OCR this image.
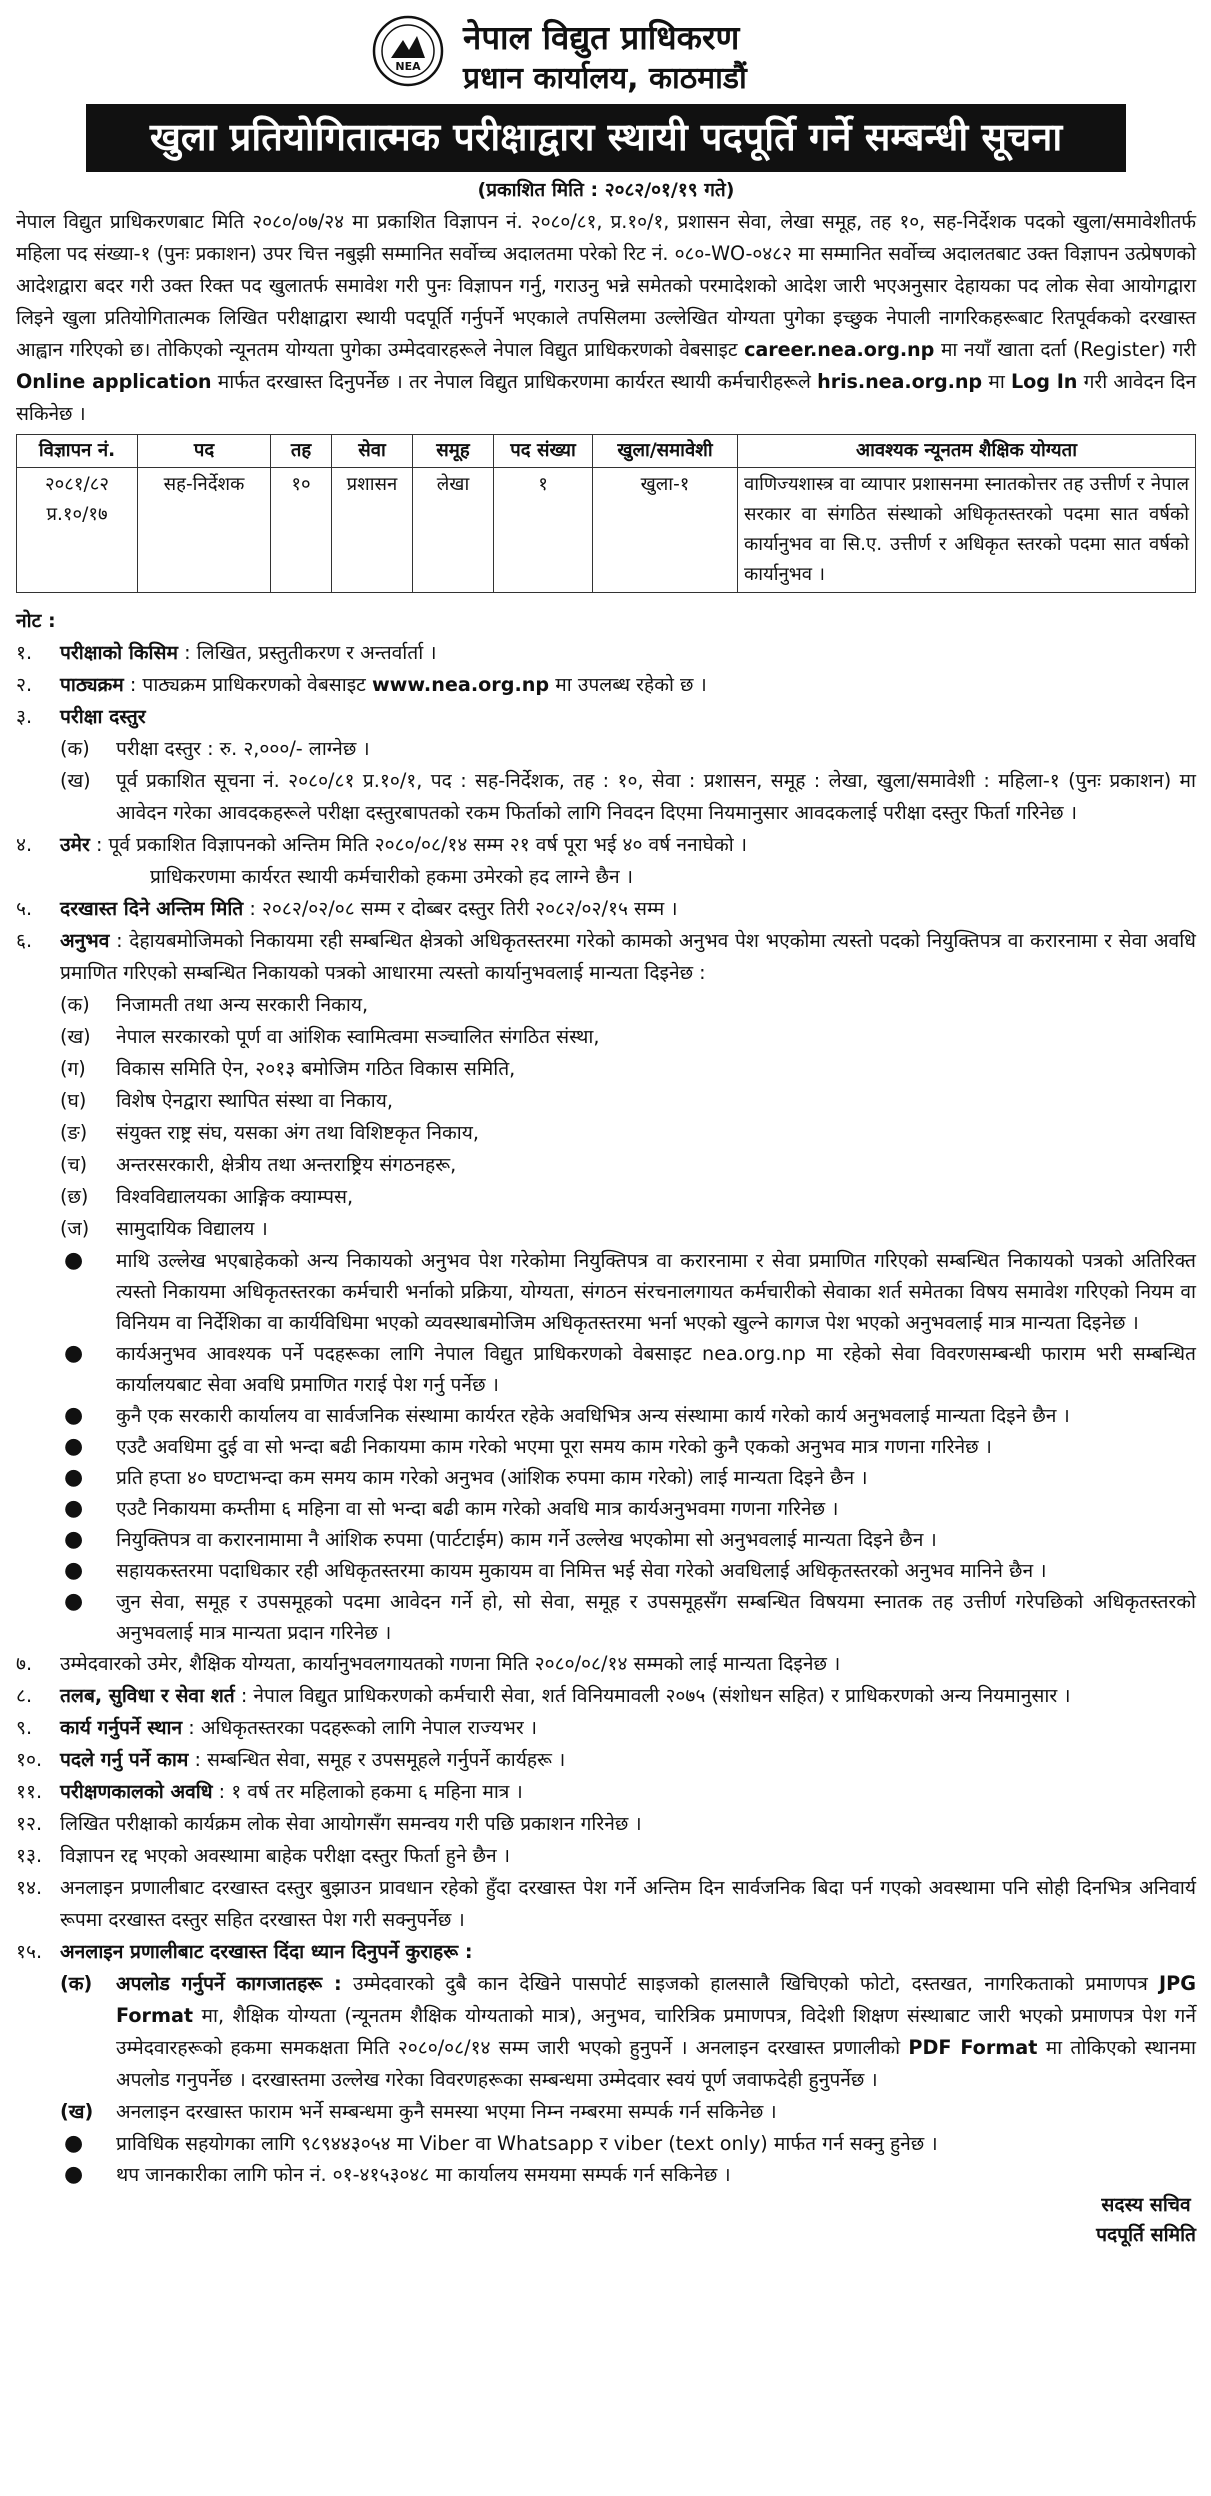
NEA
नेपाल विद्युत प्राधिकरण
प्रधान कार्यालय, काठमाडौं
खुला प्रतियोगितात्मक परीक्षाद्वारा स्थायी पदपूर्ति गर्ने सम्बन्धी सूचना
(प्रकाशित मिति : २०८२/०१/१९ गते)

नेपाल विद्युत प्राधिकरणबाट मिति २०८०/०७/२४ मा प्रकाशित विज्ञापन नं. २०८०/८१, प्र.१०/१, प्रशासन सेवा, लेखा समूह, तह १०, सह-निर्देशक पदको खुला/समावेशीतर्फ महिला पद संख्या-१ (पुनः प्रकाशन) उपर चित्त नबुझी सम्मानित सर्वोच्च अदालतमा परेको रिट नं. ०८०-WO-०४८२ मा सम्मानित सर्वोच्च अदालतबाट उक्त विज्ञापन उत्प्रेषणको आदेशद्वारा बदर गरी उक्त रिक्त पद खुलातर्फ समावेश गरी पुनः विज्ञापन गर्नु, गराउनु भन्ने समेतको परमादेशको आदेश जारी भएअनुसार देहायका पद लोक सेवा आयोगद्वारा लिइने खुला प्रतियोगितात्मक लिखित परीक्षाद्वारा स्थायी पदपूर्ति गर्नुपर्ने भएकाले तपसिलमा उल्लेखित योग्यता पुगेका इच्छुक नेपाली नागरिकहरूबाट रितपूर्वकको दरखास्त आह्वान गरिएको छ। तोकिएको न्यूनतम योग्यता पुगेका उम्मेदवारहरूले नेपाल विद्युत प्राधिकरणको वेबसाइट career.nea.org.np मा नयाँ खाता दर्ता (Register) गरी Online application मार्फत दरखास्त दिनुपर्नेछ । तर नेपाल विद्युत प्राधिकरणमा कार्यरत स्थायी कर्मचारीहरूले hris.nea.org.np मा Log In गरी आवेदन दिन सकिनेछ ।

विज्ञापन नं.	पद	तह	सेवा	समूह	पद संख्या	खुला/समावेशी	आवश्यक न्यूनतम शैक्षिक योग्यता

२०८१/८२
प्र.१०/१७	सह-निर्देशक	१०	प्रशासन	लेखा	१	खुला-१	वाणिज्यशास्त्र वा व्यापार प्रशासनमा स्नातकोत्तर तह उत्तीर्ण र नेपाल सरकार वा संगठित संस्थाको अधिकृतस्तरको पदमा सात वर्षको कार्यानुभव वा सि.ए. उत्तीर्ण र अधिकृत स्तरको पदमा सात वर्षको कार्यानुभव ।
नोट :
१. परीक्षाको किसिम : लिखित, प्रस्तुतीकरण र अन्तर्वार्ता ।
२. पाठ्यक्रम : पाठ्यक्रम प्राधिकरणको वेबसाइट www.nea.org.np मा उपलब्ध रहेको छ ।
३. परीक्षा दस्तुर
(क) परीक्षा दस्तुर : रु. २,०००/- लाग्नेछ ।
(ख) पूर्व प्रकाशित सूचना नं. २०८०/८१ प्र.१०/१, पद : सह-निर्देशक, तह : १०, सेवा : प्रशासन, समूह : लेखा, खुला/समावेशी : महिला-१ (पुनः प्रकाशन) मा आवेदन गरेका आवदकहरूले परीक्षा दस्तुरबापतको रकम फिर्ताको लागि निवदन दिएमा नियमानुसार आवदकलाई परीक्षा दस्तुर फिर्ता गरिनेछ ।
४. उमेर : पूर्व प्रकाशित विज्ञापनको अन्तिम मिति २०८०/०८/१४ सम्म २१ वर्ष पूरा भई ४० वर्ष ननाघेको ।
प्राधिकरणमा कार्यरत स्थायी कर्मचारीको हकमा उमेरको हद लाग्ने छैन ।
५. दरखास्त दिने अन्तिम मिति : २०८२/०२/०८ सम्म र दोब्बर दस्तुर तिरी २०८२/०२/१५ सम्म ।
६. अनुभव : देहायबमोजिमको निकायमा रही सम्बन्धित क्षेत्रको अधिकृतस्तरमा गरेको कामको अनुभव पेश भएकोमा त्यस्तो पदको नियुक्तिपत्र वा करारनामा र सेवा अवधि प्रमाणित गरिएको सम्बन्धित निकायको पत्रको आधारमा त्यस्तो कार्यानुभवलाई मान्यता दिइनेछ :
(क) निजामती तथा अन्य सरकारी निकाय,
(ख) नेपाल सरकारको पूर्ण वा आंशिक स्वामित्वमा सञ्चालित संगठित संस्था,
(ग) विकास समिति ऐन, २०१३ बमोजिम गठित विकास समिति,
(घ) विशेष ऐनद्वारा स्थापित संस्था वा निकाय,
(ङ) संयुक्त राष्ट्र संघ, यसका अंग तथा विशिष्टकृत निकाय,
(च) अन्तरसरकारी, क्षेत्रीय तथा अन्तराष्ट्रिय संगठनहरू,
(छ) विश्वविद्यालयका आङ्गिक क्याम्पस,
(ज) सामुदायिक विद्यालय ।
● माथि उल्लेख भएबाहेकको अन्य निकायको अनुभव पेश गरेकोमा नियुक्तिपत्र वा करारनामा र सेवा प्रमाणित गरिएको सम्बन्धित निकायको पत्रको अतिरिक्त त्यस्तो निकायमा अधिकृतस्तरका कर्मचारी भर्नाको प्रक्रिया, योग्यता, संगठन संरचनालगायत कर्मचारीको सेवाका शर्त समेतका विषय समावेश गरिएको नियम वा विनियम वा निर्देशिका वा कार्यविधिमा भएको व्यवस्थाबमोजिम अधिकृतस्तरमा भर्ना भएको खुल्ने कागज पेश भएको अनुभवलाई मात्र मान्यता दिइनेछ ।
● कार्यअनुभव आवश्यक पर्ने पदहरूका लागि नेपाल विद्युत प्राधिकरणको वेबसाइट nea.org.np मा रहेको सेवा विवरणसम्बन्धी फाराम भरी सम्बन्धित कार्यालयबाट सेवा अवधि प्रमाणित गराई पेश गर्नु पर्नेछ ।
● कुनै एक सरकारी कार्यालय वा सार्वजनिक संस्थामा कार्यरत रहेके अवधिभित्र अन्य संस्थामा कार्य गरेको कार्य अनुभवलाई मान्यता दिइने छैन ।
● एउटै अवधिमा दुई वा सो भन्दा बढी निकायमा काम गरेको भएमा पूरा समय काम गरेको कुनै एकको अनुभव मात्र गणना गरिनेछ ।
● प्रति हप्ता ४० घण्टाभन्दा कम समय काम गरेको अनुभव (आंशिक रुपमा काम गरेको) लाई मान्यता दिइने छैन ।
● एउटै निकायमा कम्तीमा ६ महिना वा सो भन्दा बढी काम गरेको अवधि मात्र कार्यअनुभवमा गणना गरिनेछ ।
● नियुक्तिपत्र वा करारनामामा नै आंशिक रुपमा (पार्टटाईम) काम गर्ने उल्लेख भएकोमा सो अनुभवलाई मान्यता दिइने छैन ।
● सहायकस्तरमा पदाधिकार रही अधिकृतस्तरमा कायम मुकायम वा निमित्त भई सेवा गरेको अवधिलाई अधिकृतस्तरको अनुभव मानिने छैन ।
● जुन सेवा, समूह र उपसमूहको पदमा आवेदन गर्ने हो, सो सेवा, समूह र उपसमूहसँग सम्बन्धित विषयमा स्नातक तह उत्तीर्ण गरेपछिको अधिकृतस्तरको अनुभवलाई मात्र मान्यता प्रदान गरिनेछ ।
७. उम्मेदवारको उमेर, शैक्षिक योग्यता, कार्यानुभवलगायतको गणना मिति २०८०/०८/१४ सम्मको लाई मान्यता दिइनेछ ।
८. तलब, सुविधा र सेवा शर्त : नेपाल विद्युत प्राधिकरणको कर्मचारी सेवा, शर्त विनियमावली २०७५ (संशोधन सहित) र प्राधिकरणको अन्य नियमानुसार ।
९. कार्य गर्नुपर्ने स्थान : अधिकृतस्तरका पदहरूको लागि नेपाल राज्यभर ।
१०. पदले गर्नु पर्ने काम : सम्बन्धित सेवा, समूह र उपसमूहले गर्नुपर्ने कार्यहरू ।
११. परीक्षणकालको अवधि : १ वर्ष तर महिलाको हकमा ६ महिना मात्र ।
१२. लिखित परीक्षाको कार्यक्रम लोक सेवा आयोगसँग समन्वय गरी पछि प्रकाशन गरिनेछ ।
१३. विज्ञापन रद्द भएको अवस्थामा बाहेक परीक्षा दस्तुर फिर्ता हुने छैन ।
१४. अनलाइन प्रणालीबाट दरखास्त दस्तुर बुझाउन प्रावधान रहेको हुँदा दरखास्त पेश गर्ने अन्तिम दिन सार्वजनिक बिदा पर्न गएको अवस्थामा पनि सोही दिनभित्र अनिवार्य रूपमा दरखास्त दस्तुर सहित दरखास्त पेश गरी सक्नुपर्नेछ ।
१५. अनलाइन प्रणालीबाट दरखास्त दिंदा ध्यान दिनुपर्ने कुराहरू :
(क) अपलोड गर्नुपर्ने कागजातहरू : उम्मेदवारको दुबै कान देखिने पासपोर्ट साइजको हालसालै खिचिएको फोटो, दस्तखत, नागरिकताको प्रमाणपत्र JPG Format मा, शैक्षिक योग्यता (न्यूनतम शैक्षिक योग्यताको मात्र), अनुभव, चारित्रिक प्रमाणपत्र, विदेशी शिक्षण संस्थाबाट जारी भएको प्रमाणपत्र पेश गर्ने उम्मेदवारहरूको हकमा समकक्षता मिति २०८०/०८/१४ सम्म जारी भएको हुनुपर्ने । अनलाइन दरखास्त प्रणालीको PDF Format मा तोकिएको स्थानमा अपलोड गनुपर्नेछ । दरखास्तमा उल्लेख गरेका विवरणहरूका सम्बन्धमा उम्मेदवार स्वयं पूर्ण जवाफदेही हुनुपर्नेछ ।
(ख) अनलाइन दरखास्त फाराम भर्ने सम्बन्धमा कुनै समस्या भएमा निम्न नम्बरमा सम्पर्क गर्न सकिनेछ ।
● प्राविधिक सहयोगका लागि ९८९४४३०५४ मा Viber वा Whatsapp र viber (text only) मार्फत गर्न सक्नु हुनेछ ।
● थप जानकारीका लागि फोन नं. ०१-४१५३०४८ मा कार्यालय समयमा सम्पर्क गर्न सकिनेछ ।
सदस्य सचिव
पदपूर्ति समिति
